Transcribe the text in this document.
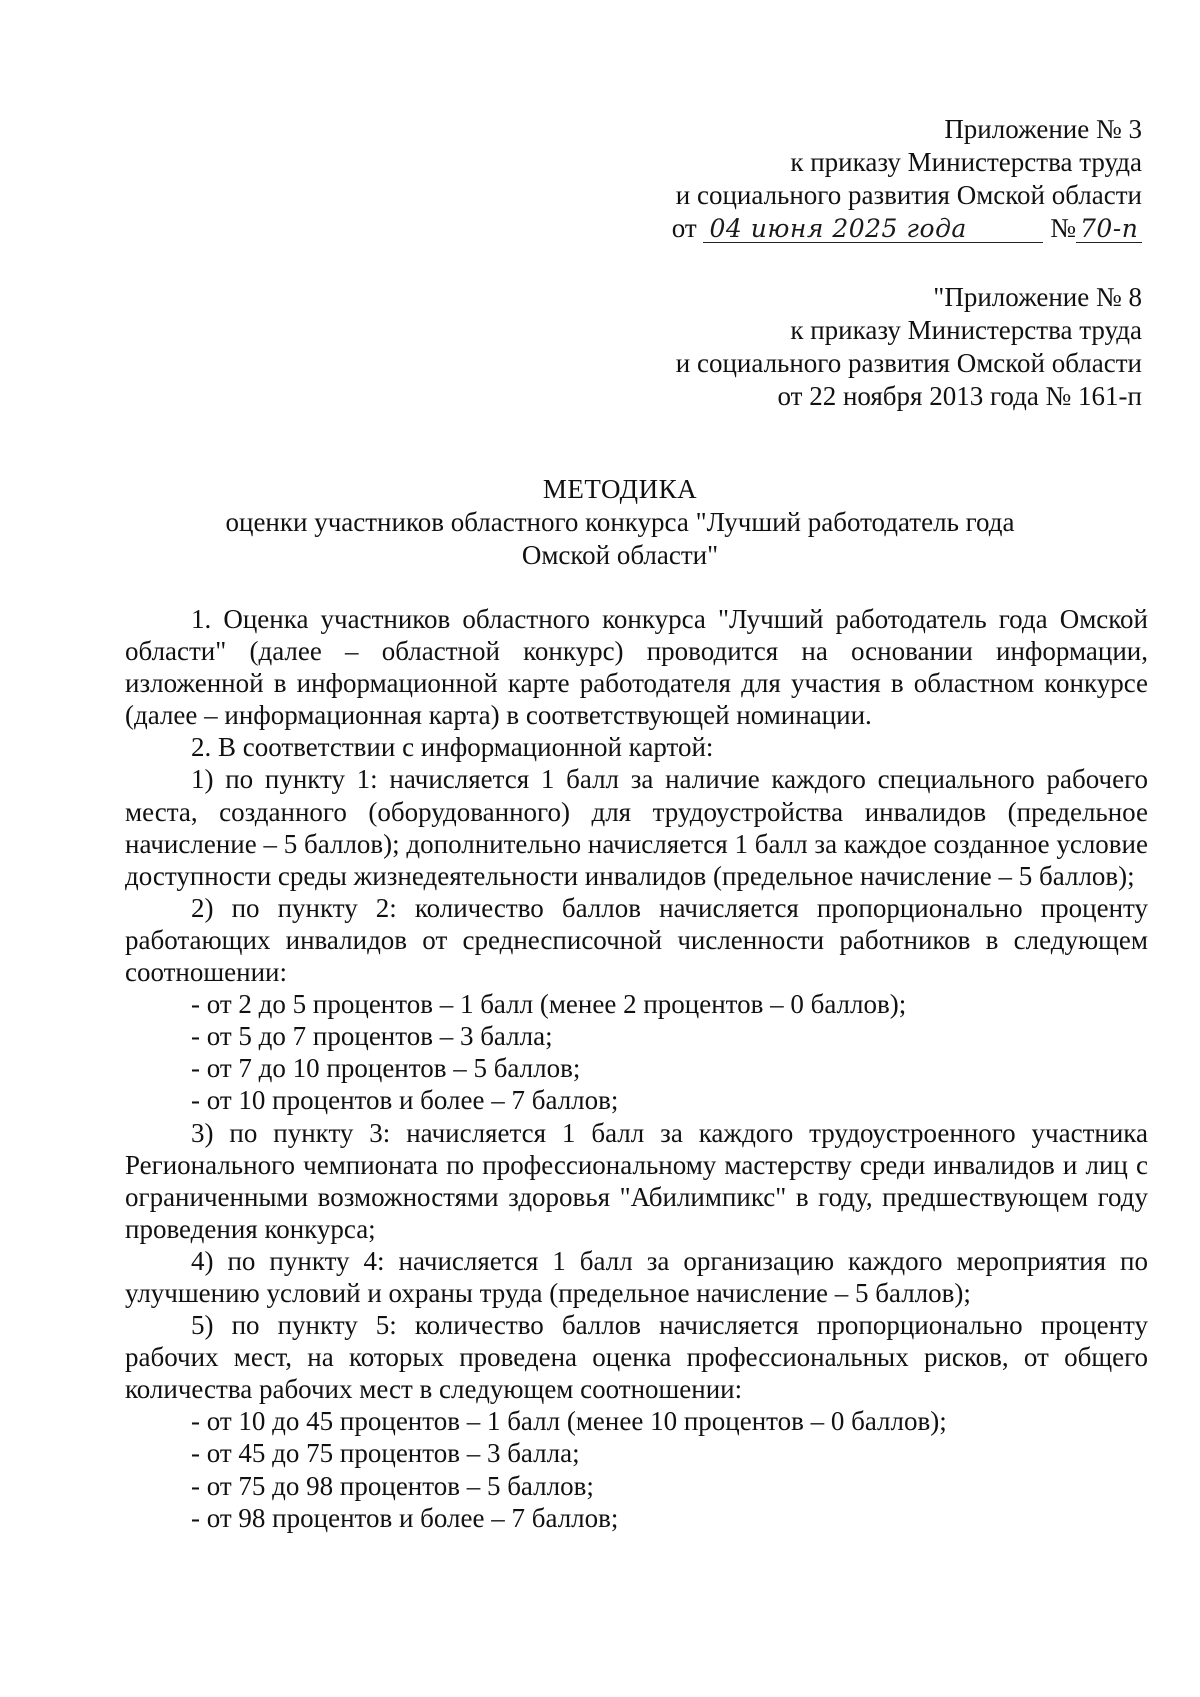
Приложение № 3
к приказу Министерства труда
и социального развития Омской области
от 04 июня 2025 года	№ 70-п
"Приложение № 8
к приказу Министерства труда
и социального развития Омской области
от 22 ноября 2013 года № 161-п
МЕТОДИКА
оценки участников областного конкурса "Лучший работодатель года
Омской области"

1. Оценка участников областного конкурса "Лучший работодатель года Омской области" (далее – областной конкурс) проводится на основании информации, изложенной в информационной карте работодателя для участия в областном конкурсе (далее – информационная карта) в соответствующей номинации.

2. В соответствии с информационной картой:

1) по пункту 1: начисляется 1 балл за наличие каждого специального рабочего места, созданного (оборудованного) для трудоустройства инвалидов (предельное начисление – 5 баллов); дополнительно начисляется 1 балл за каждое созданное условие доступности среды жизнедеятельности инвалидов (предельное начисление – 5 баллов);

2) по пункту 2: количество баллов начисляется пропорционально проценту работающих инвалидов от среднесписочной численности работников в следующем соотношении:

- от 2 до 5 процентов – 1 балл (менее 2 процентов – 0 баллов);

- от 5 до 7 процентов – 3 балла;

- от 7 до 10 процентов – 5 баллов;

- от 10 процентов и более – 7 баллов;

3) по пункту 3: начисляется 1 балл за каждого трудоустроенного участника Регионального чемпионата по профессиональному мастерству среди инвалидов и лиц с ограниченными возможностями здоровья "Абилимпикс" в году, предшествующем году проведения конкурса;

4) по пункту 4: начисляется 1 балл за организацию каждого мероприятия по улучшению условий и охраны труда (предельное начисление – 5 баллов);

5) по пункту 5: количество баллов начисляется пропорционально проценту рабочих мест, на которых проведена оценка профессиональных рисков, от общего количества рабочих мест в следующем соотношении:

- от 10 до 45 процентов – 1 балл (менее 10 процентов – 0 баллов);

- от 45 до 75 процентов – 3 балла;

- от 75 до 98 процентов – 5 баллов;

- от 98 процентов и более – 7 баллов;
